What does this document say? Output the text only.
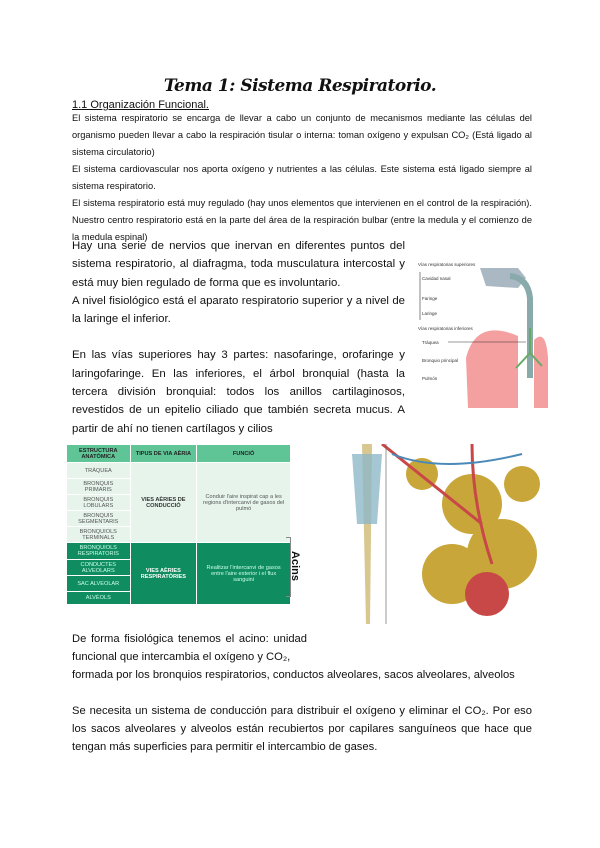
Tema 1: Sistema Respiratorio.
1.1 Organización Funcional.
El sistema respiratorio se encarga de llevar a cabo un conjunto de mecanismos mediante las células del organismo pueden llevar a cabo la respiración tisular o interna: toman oxígeno y expulsan CO₂ (Está ligado al sistema circulatorio)
El sistema cardiovascular nos aporta oxígeno y nutrientes a las células. Este sistema está ligado siempre al sistema respiratorio.
El sistema respiratorio está muy regulado (hay unos elementos que intervienen en el control de la respiración). Nuestro centro respiratorio está en la parte del área de la respiración bulbar (entre la medula y el comienzo de la medula espinal)
Hay una serie de nervios que inervan en diferentes puntos del sistema respiratorio, al diafragma, toda musculatura intercostal y está muy bien regulado de forma que es involuntario.
A nivel fisiológico está el aparato respiratorio superior y a nivel de la laringe el inferior.
En las vías superiores hay 3 partes: nasofaringe, orofaringe y laringofaringe. En las inferiores, el árbol bronquial (hasta la tercera división bronquial: todos los anillos cartilaginosos, revestidos de un epitelio ciliado que también secreta mucus. A partir de ahí no tienen cartílagos y cilios
Vías respiratorias superiores
Cavidad nasal
Faringe
Laringe
Vías respiratorias inferiores
Tráquea
Bronquio principal
Pulmón
ESTRUCTURA ANATÒMICA	TIPUS DE VIA AÈRIA	FUNCIÓ
TRÀQUEA	VIES AÈRIES DE CONDUCCIÓ	Conduir l'aire inspirat cap a les regions d'intercanvi de gasos del pulmó
BRONQUIS PRIMARIS		
BRONQUIS LOBULARS		
BRONQUIS SEGMENTARIS		
BRONQUIOLS TERMINALS		
BRONQUIOLS RESPIRATORIS	VIES AÈRIES RESPIRATÒRIES	Realitzar l'intercanvi de gasos entre l'aire exterior i el flux sanguini
CONDUCTES ALVEOLARS		
SAC ALVEOLAR		
ALVÈOLS		
Acins
De forma fisiológica tenemos el acino: unidad funcional que intercambia el oxígeno y CO₂,
formada por los bronquios respiratorios, conductos alveolares, sacos alveolares, alveolos
Se necesita un sistema de conducción para distribuir el oxígeno y eliminar el CO₂. Por eso los sacos alveolares y alveolos están recubiertos por capilares sanguíneos que hace que tengan más superficies para permitir el intercambio de gases.
